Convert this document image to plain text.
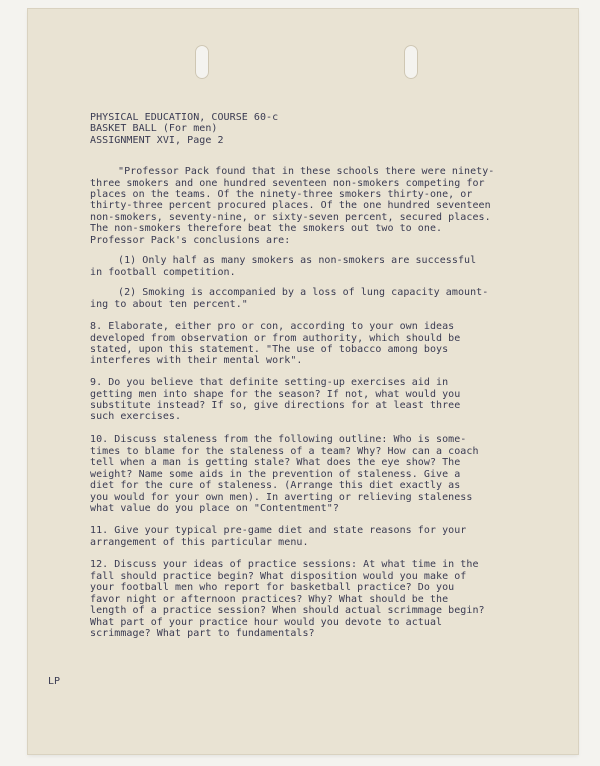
PHYSICAL EDUCATION, COURSE 60-c
BASKET BALL (For men)
ASSIGNMENT XVI, Page 2
"Professor Pack found that in these schools there were ninety-
three smokers and one hundred seventeen non-smokers competing for
places on the teams. Of the ninety-three smokers thirty-one, or
thirty-three percent procured places. Of the one hundred seventeen
non-smokers, seventy-nine, or sixty-seven percent, secured places.
The non-smokers therefore beat the smokers out two to one.
Professor Pack's conclusions are:
(1) Only half as many smokers as non-smokers are successful
in football competition.
(2) Smoking is accompanied by a loss of lung capacity amount-
ing to about ten percent."
8. Elaborate, either pro or con, according to your own ideas
developed from observation or from authority, which should be
stated, upon this statement. "The use of tobacco among boys
interferes with their mental work".
9. Do you believe that definite setting-up exercises aid in
getting men into shape for the season? If not, what would you
substitute instead? If so, give directions for at least three
such exercises.
10. Discuss staleness from the following outline: Who is some-
times to blame for the staleness of a team? Why? How can a coach
tell when a man is getting stale? What does the eye show? The
weight? Name some aids in the prevention of staleness. Give a
diet for the cure of staleness. (Arrange this diet exactly as
you would for your own men). In averting or relieving staleness
what value do you place on "Contentment"?
11. Give your typical pre-game diet and state reasons for your
arrangement of this particular menu.
12. Discuss your ideas of practice sessions: At what time in the
fall should practice begin? What disposition would you make of
your football men who report for basketball practice? Do you
favor night or afternoon practices? Why? What should be the
length of a practice session? When should actual scrimmage begin?
What part of your practice hour would you devote to actual
scrimmage? What part to fundamentals?
LP
